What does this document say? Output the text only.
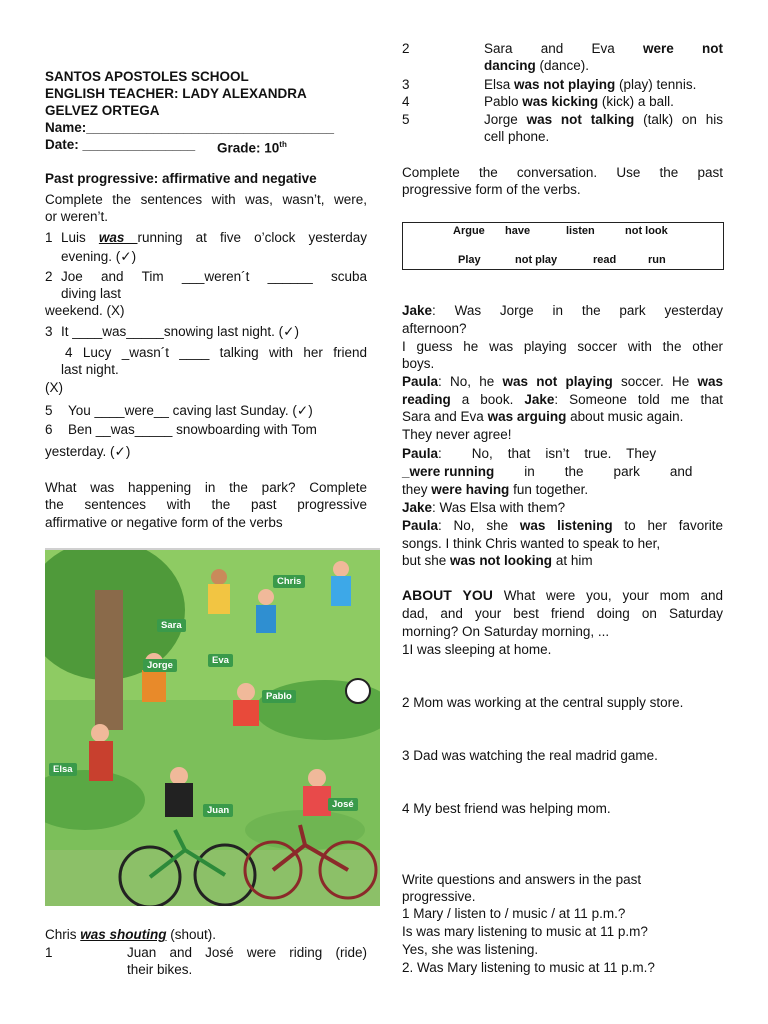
SANTOS APOSTOLES SCHOOL
ENGLISH TEACHER: LADY ALEXANDRA
GELVEZ ORTEGA
Name:_________________________________
Date: _______________ Grade: 10th
Past progressive: affirmative and negative
Complete the sentences with was, wasn’t, were,
or weren’t.
1 Luis was running at five o’clock yesterday
evening. (✓)
2 Joe and Tim ___weren´t ______ scuba
diving last
weekend. (X)
3 It ____was_____snowing last night. (✓)
4 Lucy _wasn´t ____ talking with her friend
last night.
(X)
5 You ____were__ caving last Sunday. (✓)
6 Ben __was_____ snowboarding with Tom
yesterday. (✓)
What was happening in the park? Complete
the sentences with the past progressive
affirmative or negative form of the verbs
Chris was shouting (shout).
1	Juan and José were riding (ride)
their bikes.
Chris
Sara
Jorge	Eva
Pablo
Elsa
Juan
José
2	Sara and Eva were not
dancing (dance).
3	Elsa was not playing (play) tennis.
4	Pablo was kicking (kick) a ball.
5	Jorge was not talking (talk) on his
cell phone.
Complete the conversation. Use the past
progressive form of the verbs.
Jake: Was Jorge in the park yesterday
afternoon?
I guess he was playing soccer with the other
boys.
Paula: No, he was not playing soccer. He was
reading a book. Jake: Someone told me that
Sara and Eva was arguing about music again.
They never agree!
Paula:        No,    that    isn’t    true.    They
_were running        in        the        park        and
they were having fun together.
Jake: Was Elsa with them?
Paula: No, she was listening to her favorite
songs. I think Chris wanted to speak to her,
but she was not looking at him
ABOUT YOU What were you, your mom and
dad, and your best friend doing on Saturday
morning? On Saturday morning, ...
1I was sleeping at home.
2 Mom was working at the central supply store.
3 Dad was watching the real madrid game.
4 My best friend was helping mom.
Write questions and answers in the past
progressive.
1 Mary / listen to / music / at 11 p.m.?
Is was mary listening to music at 11 p.m?
Yes, she was listening.
2. Was Mary listening to music at 11 p.m.?
Argue have	listen	not look
Play	not play	read	run
